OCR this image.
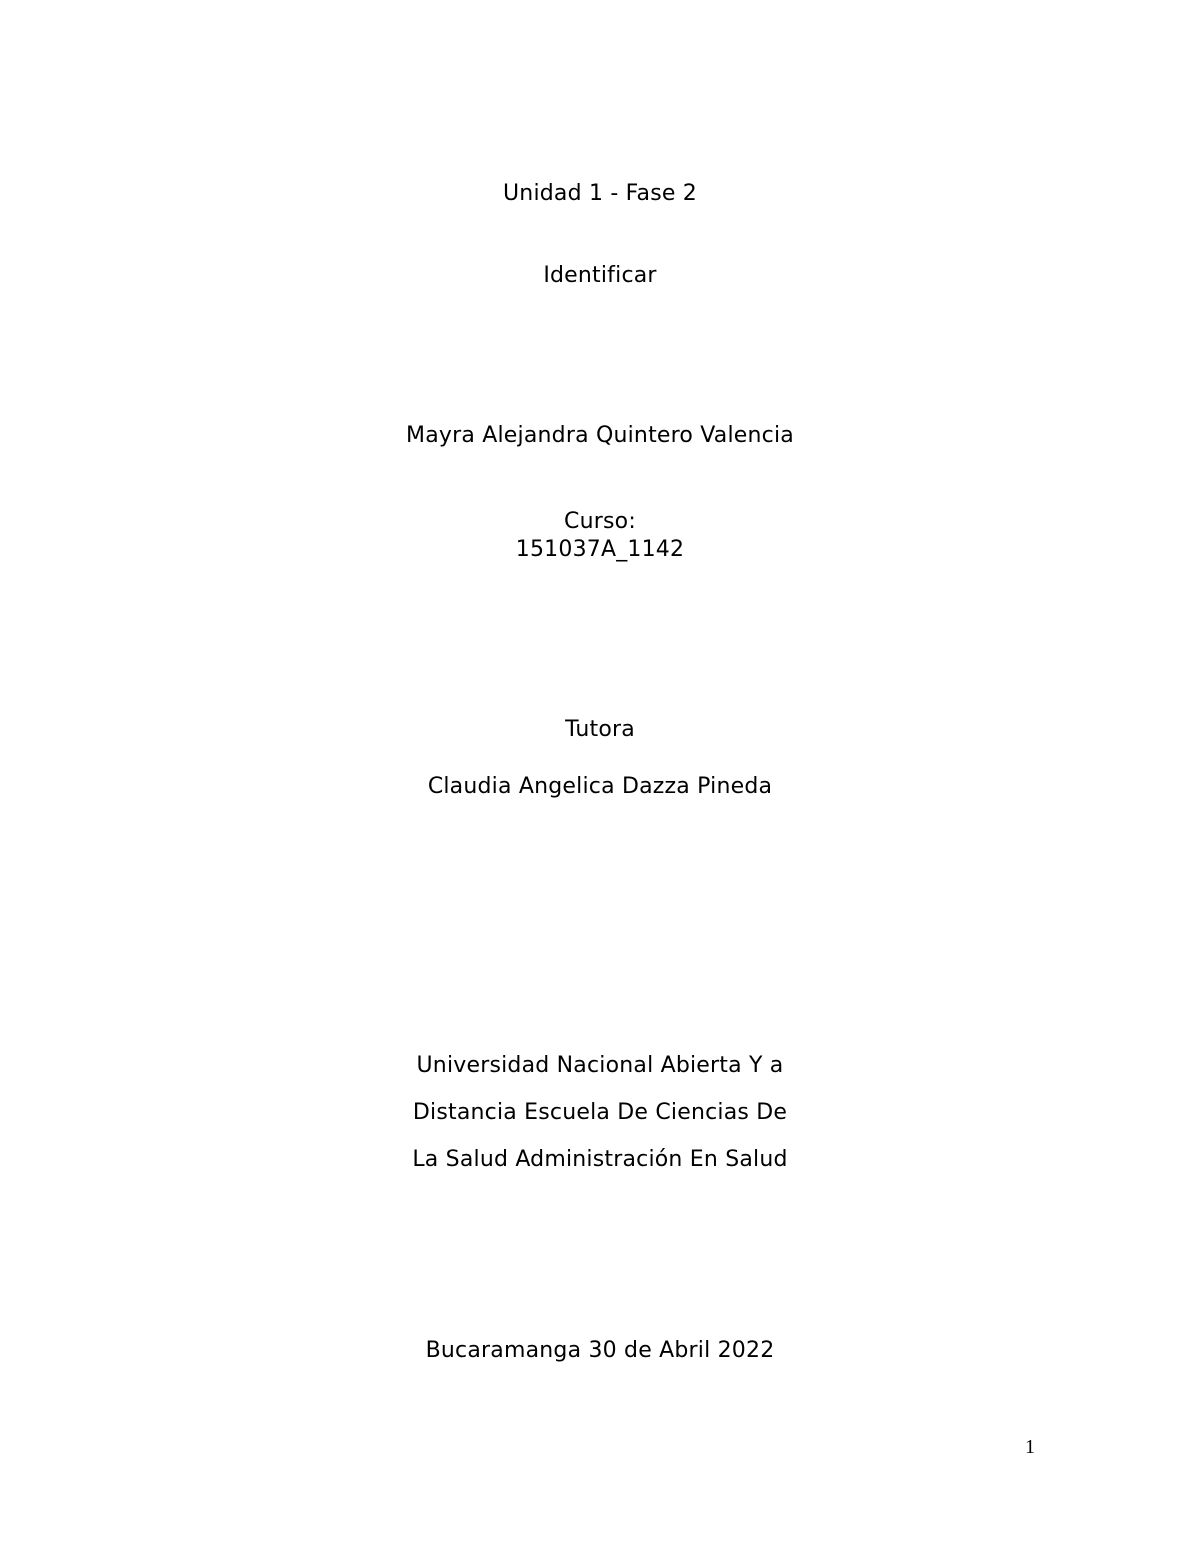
Unidad 1 - Fase 2
Identificar
Mayra Alejandra Quintero Valencia
Curso:
151037A_1142
Tutora
Claudia Angelica Dazza Pineda
Universidad Nacional Abierta Y a
Distancia Escuela De Ciencias De
La Salud Administración En Salud
Bucaramanga 30 de Abril 2022
1
